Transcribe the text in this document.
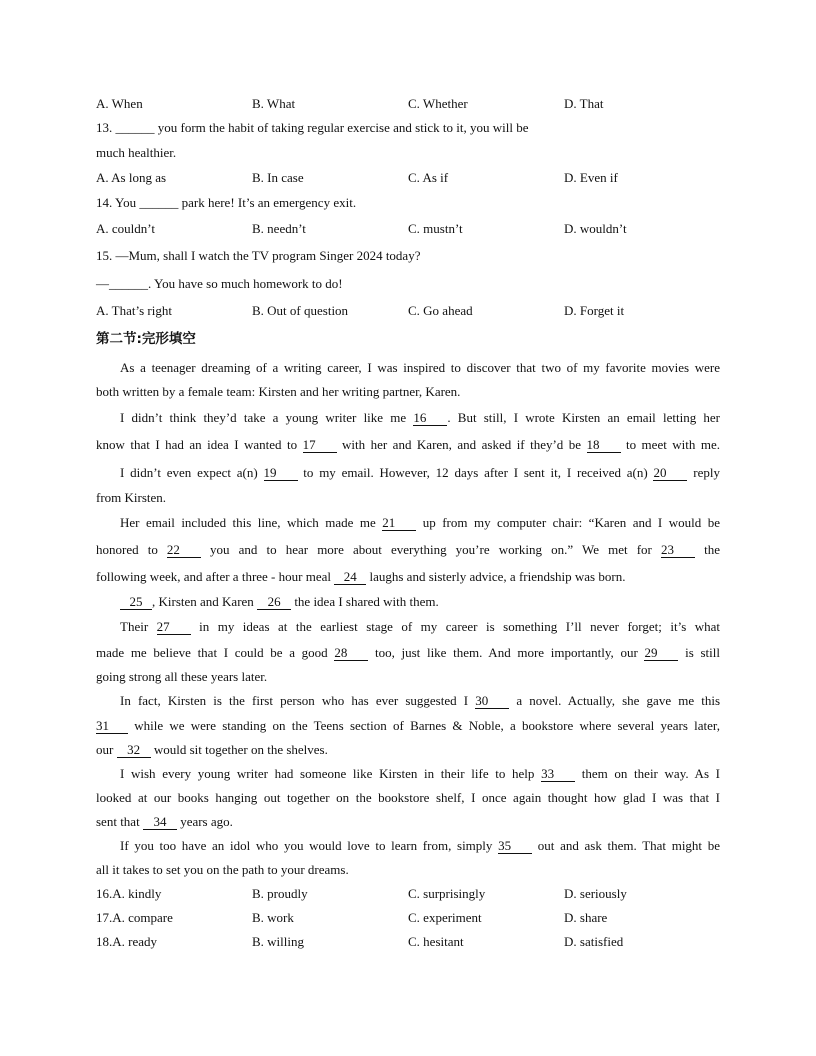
A. When	B. What	C. Whether	D. That
13. ______ you form the habit of taking regular exercise and stick to it, you will be
much healthier.
A. As long as	B. In case	C. As if	D. Even if
14. You ______ park here! It’s an emergency exit.
A. couldn’t	B. needn’t	C. mustn’t	D. wouldn’t
15. —Mum, shall I watch the TV program Singer 2024 today?
—______. You have so much homework to do!
A. That’s right	B. Out of question	C. Go ahead	D. Forget it
第二节:完形填空
As a teenager dreaming of a writing career, I was inspired to discover that two of my favorite movies were
both written by a female team: Kirsten and her writing partner, Karen.
I didn’t think they’d take a young writer like me 16 . But still, I wrote Kirsten an email letting her
know that I had an idea I wanted to 17 with her and Karen, and asked if they’d be 18 to meet with me.
I didn’t even expect a(n) 19 to my email. However, 12 days after I sent it, I received a(n) 20 reply
from Kirsten.
Her email included this line, which made me 21 up from my computer chair: “Karen and I would be
honored to 22 you and to hear more about everything you’re working on.” We met for 23 the
following week, and after a three - hour meal 24 laughs and sisterly advice, a friendship was born.
25 , Kirsten and Karen 26 the idea I shared with them.
Their 27 in my ideas at the earliest stage of my career is something I’ll never forget; it’s what
made me believe that I could be a good 28 too, just like them. And more importantly, our 29 is still
going strong all these years later.
In fact, Kirsten is the first person who has ever suggested I 30 a novel. Actually, she gave me this
31 while we were standing on the Teens section of Barnes & Noble, a bookstore where several years later,
our 32 would sit together on the shelves.
I wish every young writer had someone like Kirsten in their life to help 33 them on their way. As I
looked at our books hanging out together on the bookstore shelf, I once again thought how glad I was that I
sent that 34 years ago.
If you too have an idol who you would love to learn from, simply 35 out and ask them. That might be
all it takes to set you on the path to your dreams.
16.A. kindly	B. proudly	C. surprisingly	D. seriously
17.A. compare	B. work	C. experiment	D. share
18.A. ready	B. willing	C. hesitant	D. satisfied
